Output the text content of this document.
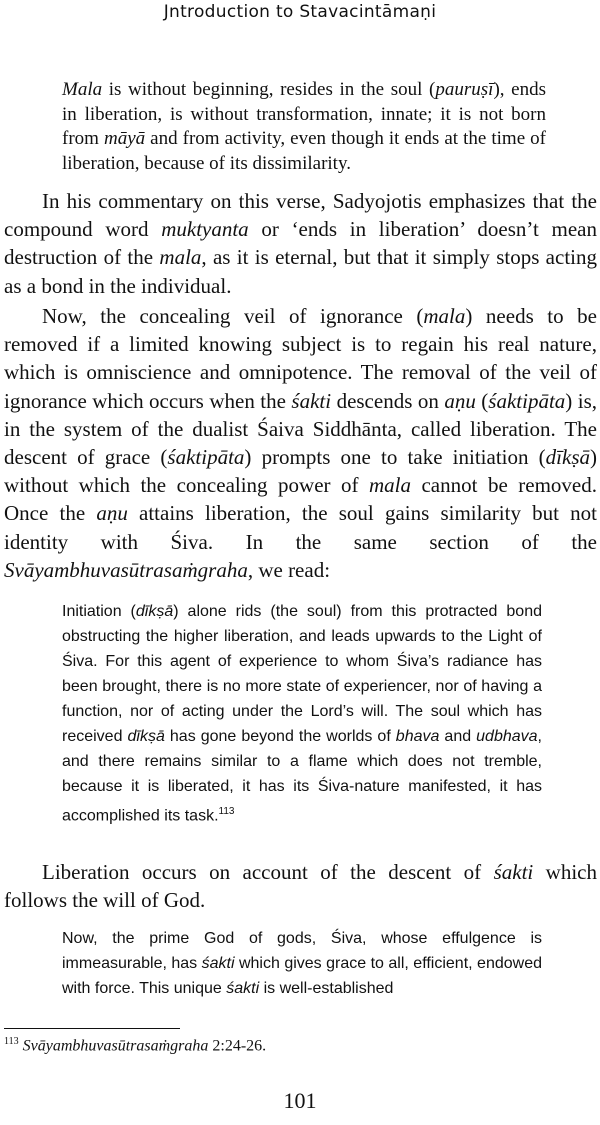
Jntroduction to Stavacintāmaṇi
Mala is without beginning, resides in the soul (pauruṣī), ends in liberation, is without transformation, innate; it is not born from māyā and from activity, even though it ends at the time of liberation, because of its dissimilarity.
In his commentary on this verse, Sadyojotis emphasizes that the compound word muktyanta or ‘ends in liberation’ doesn’t mean destruction of the mala, as it is eternal, but that it simply stops acting as a bond in the individual.
Now, the concealing veil of ignorance (mala) needs to be removed if a limited knowing subject is to regain his real nature, which is omniscience and omnipotence. The removal of the veil of ignorance which occurs when the śakti descends on aṇu (śaktipāta) is, in the system of the dualist Śaiva Siddhānta, called liberation. The descent of grace (śaktipāta) prompts one to take initiation (dīkṣā) without which the concealing power of mala cannot be removed. Once the aṇu attains liberation, the soul gains similarity but not identity with Śiva. In the same section of the Svāyambhuvasūtrasaṁgraha, we read:
Initiation (dīkṣā) alone rids (the soul) from this protracted bond obstructing the higher liberation, and leads upwards to the Light of Śiva. For this agent of experience to whom Śiva’s radiance has been brought, there is no more state of experiencer, nor of having a function, nor of acting under the Lord’s will. The soul which has received dīkṣā has gone beyond the worlds of bhava and udbhava, and there remains similar to a flame which does not tremble, because it is liberated, it has its Śiva-nature manifested, it has accomplished its task.$^{113}$
Liberation occurs on account of the descent of śakti which follows the will of God.
Now, the prime God of gods, Śiva, whose effulgence is immeasurable, has śakti which gives grace to all, efficient, endowed with force. This unique śakti is well-established
$^{113}$ Svāyambhuvasūtrasaṁgraha 2:24-26.
101
